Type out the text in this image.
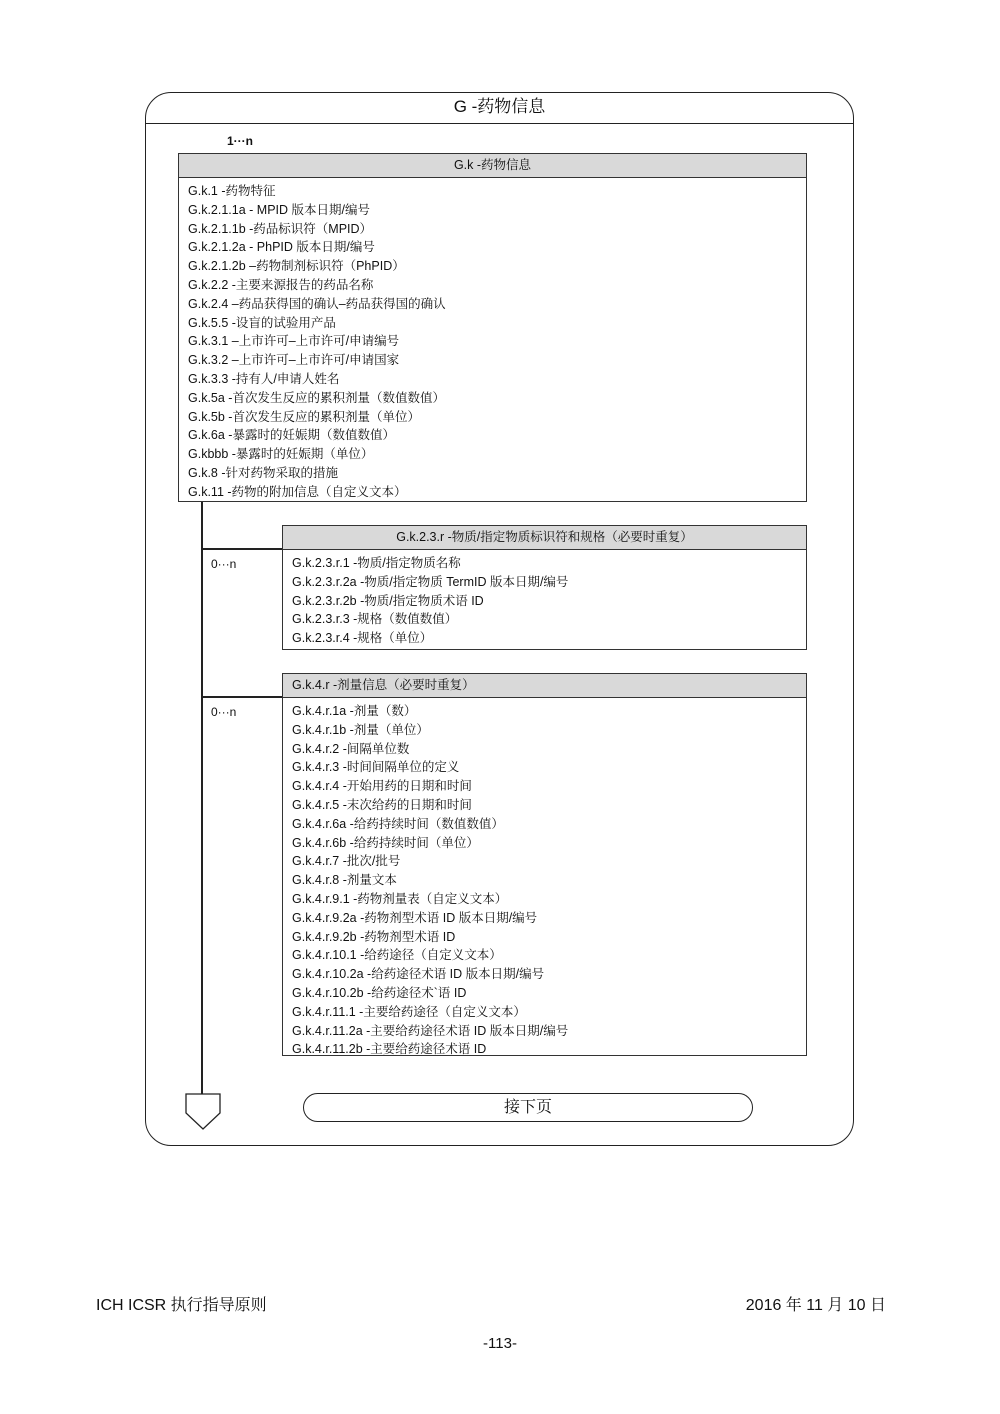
G -药物信息
1···n
G.k -药物信息
G.k.1 -药物特征
G.k.2.1.1a - MPID 版本日期/编号
G.k.2.1.1b -药品标识符（MPID）
G.k.2.1.2a - PhPID 版本日期/编号
G.k.2.1.2b –药物制剂标识符（PhPID）
G.k.2.2 -主要来源报告的药品名称
G.k.2.4 –药品获得国的确认–药品获得国的确认
G.k.5.5 -设盲的试验用产品
G.k.3.1 –上市许可–上市许可/申请编号
G.k.3.2 –上市许可–上市许可/申请国家
G.k.3.3 -持有人/申请人姓名
G.k.5a -首次发生反应的累积剂量（数值数值）
G.k.5b -首次发生反应的累积剂量（单位）
G.k.6a -暴露时的妊娠期（数值数值）
G.kbbb -暴露时的妊娠期（单位）
G.k.8 -针对药物采取的措施
G.k.11 -药物的附加信息（自定义文本）
0···n
0···n
G.k.2.3.r -物质/指定物质标识符和规格（必要时重复）
G.k.2.3.r.1 -物质/指定物质名称
G.k.2.3.r.2a -物质/指定物质 TermID 版本日期/编号
G.k.2.3.r.2b -物质/指定物质术语 ID
G.k.2.3.r.3 -规格（数值数值）
G.k.2.3.r.4 -规格（单位）
G.k.4.r -剂量信息（必要时重复）
G.k.4.r.1a -剂量（数）
G.k.4.r.1b -剂量（单位）
G.k.4.r.2 -间隔单位数
G.k.4.r.3 -时间间隔单位的定义
G.k.4.r.4 -开始用药的日期和时间
G.k.4.r.5 -末次给药的日期和时间
G.k.4.r.6a -给药持续时间（数值数值）
G.k.4.r.6b -给药持续时间（单位）
G.k.4.r.7 -批次/批号
G.k.4.r.8 -剂量文本
G.k.4.r.9.1 -药物剂量表（自定义文本）
G.k.4.r.9.2a -药物剂型术语 ID 版本日期/编号
G.k.4.r.9.2b -药物剂型术语 ID
G.k.4.r.10.1 -给药途径（自定义文本）
G.k.4.r.10.2a -给药途径术语 ID 版本日期/编号
G.k.4.r.10.2b -给药途径术`语 ID
G.k.4.r.11.1 -主要给药途径（自定义文本）
G.k.4.r.11.2a -主要给药途径术语 ID 版本日期/编号
G.k.4.r.11.2b -主要给药途径术语 ID
接下页
ICH ICSR 执行指导原则	2016 年 11 月 10 日
-113-
